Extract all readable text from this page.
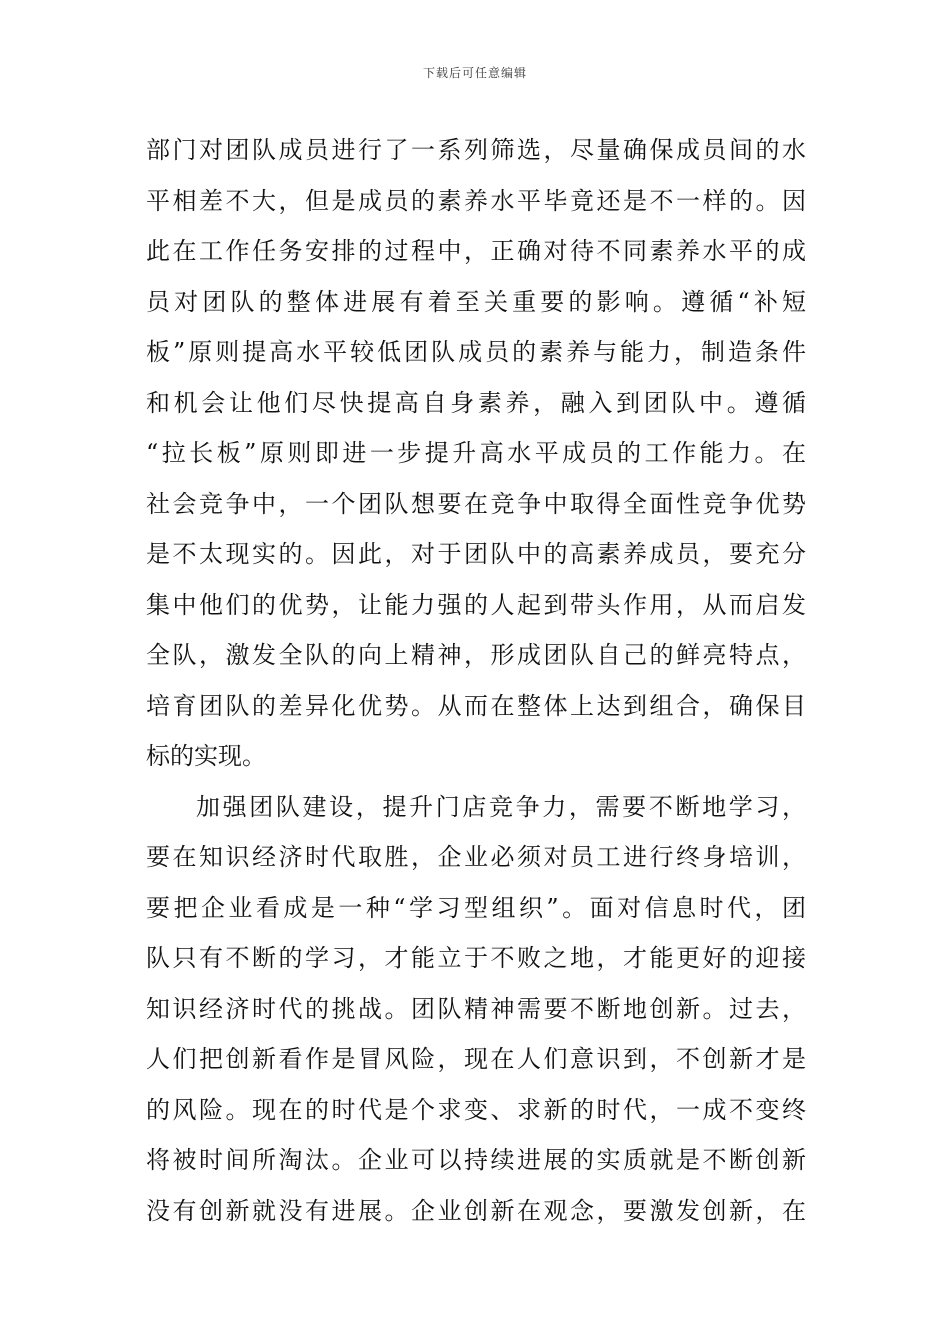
下载后可任意编辑
部门对团队成员进行了一系列筛选，尽量确保成员间的水
平相差不大，但是成员的素养水平毕竟还是不一样的。因
此在工作任务安排的过程中，正确对待不同素养水平的成
员对团队的整体进展有着至关重要的影响。遵循“补短
板”原则提高水平较低团队成员的素养与能力，制造条件
和机会让他们尽快提高自身素养，融入到团队中。遵循
“拉长板”原则即进一步提升高水平成员的工作能力。在
社会竞争中，一个团队想要在竞争中取得全面性竞争优势
是不太现实的。因此，对于团队中的高素养成员，要充分
集中他们的优势，让能力强的人起到带头作用，从而启发
全队，激发全队的向上精神，形成团队自己的鲜亮特点，
培育团队的差异化优势。从而在整体上达到组合，确保目
标的实现。
加强团队建设，提升门店竞争力，需要不断地学习，
要在知识经济时代取胜，企业必须对员工进行终身培训，
要把企业看成是一种“学习型组织”。面对信息时代，团
队只有不断的学习，才能立于不败之地，才能更好的迎接
知识经济时代的挑战。团队精神需要不断地创新。过去，
人们把创新看作是冒风险，现在人们意识到，不创新才是
的风险。现在的时代是个求变、求新的时代，一成不变终
将被时间所淘汰。企业可以持续进展的实质就是不断创新
没有创新就没有进展。企业创新在观念，要激发创新，在
